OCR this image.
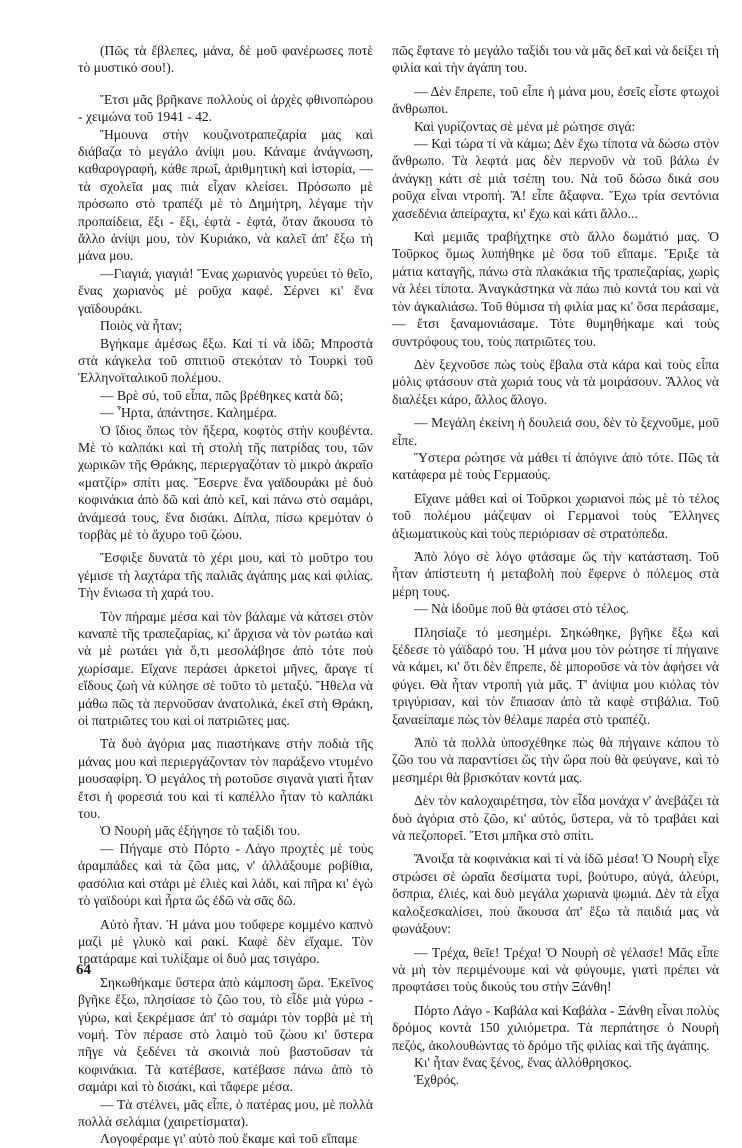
(Πῶς τὰ ἔβλεπες, μάνα, δὲ μοῦ φανέρωσες ποτὲ τὸ μυστικό σου!).

Ἔτσι μᾶς βρῆκανε πολλοὺς οἱ ἀρχὲς φθινοπώρου - χειμώνα τοῦ 1941 - 42.

Ἥμουνα στὴν κουζινοτραπεζαρία μας καὶ διάβαζα τὸ μεγάλο ἀνίψι μου. Κάναμε ἀνάγνωση, καθαρογραφή, κάθε πρωΐ, ἀριθμητικὴ καὶ ἱστορία, — τὰ σχολεῖα μας πιὰ εἶχαν κλείσει. Πρόσωπο μὲ πρόσωπο στὸ τραπέζι μὲ τὸ Δημήτρη, λέγαμε τὴν προπαίδεια, ἔξι - ἔξι, ἑφτὰ - ἑφτά, ὅταν ἄκουσα τὸ ἄλλο ἀνίψι μου, τὸν Κυριάκο, νὰ καλεῖ ἀπ' ἔξω τὴ μάνα μου.

—Γιαγιά, γιαγιά! Ἕνας χωριανὸς γυρεύει τὸ θεῖο, ἕνας χωριανὸς μὲ ροῦχα καφέ. Σέρνει κι' ἕνα γαϊδουράκι.

Ποιὸς νὰ ἦταν;

Βγήκαμε ἀμέσως ἔξω. Καί τί νὰ ἰδῶ; Μπροστὰ στὰ κάγκελα τοῦ σπιτιοῦ στεκόταν τὸ Τουρκὶ τοῦ Ἑλληνοϊταλικοῦ πολέμου.

— Βρὲ σύ, τοῦ εἶπα, πῶς βρέθηκες κατὰ δῶ;

— Ἦρτα, ἀπάντησε. Καλημέρα.

Ὁ ἴδιος ὅπως τὸν ἤξερα, κοφτὸς στὴν κουβέντα. Μὲ τὸ καλπάκι καὶ τὴ στολὴ τῆς πατρίδας του, τῶν χωρικῶν τῆς Θράκης, περιεργαζόταν τὸ μικρὸ ἀκραῖο «ματζίρ» σπίτι μας. Ἔσερνε ἕνα γαϊδουράκι μὲ δυὸ κοφινάκια ἀπὸ δῶ καὶ ἀπὸ κεῖ, καὶ πάνω στὸ σαμάρι, ἀνάμεσά τους, ἕνα δισάκι. Δίπλα, πίσω κρεμόταν ὁ τορβὰς μὲ τὸ ἄχυρο τοῦ ζώου.

Ἔσφιξε δυνατὰ τὸ χέρι μου, καὶ τὸ μοῦτρο του γέμισε τὴ λαχτάρα τῆς παλιᾶς ἀγάπης μας καὶ φιλίας. Τὴν ἔνιωσα τὴ χαρά του.

Τὸν πήραμε μέσα καὶ τὸν βάλαμε νὰ κάτσει στὸν καναπὲ τῆς τραπεζαρίας, κι' ἄρχισα νὰ τὸν ρωτάω καὶ νὰ μὲ ρωτάει γιὰ ὅ,τι μεσολάβησε ἀπὸ τότε ποὺ χωρίσαμε. Εἴχανε περάσει ἀρκετοὶ μῆνες, ἄραγε τί εἴδους ζωὴ νὰ κύλησε σὲ τοῦτο τὸ μεταξύ. Ἤθελα νὰ μάθω πῶς τὰ περνοῦσαν ἀνατολικά, ἐκεῖ στὴ Θράκη, οἱ πατριῶτες του καὶ οἱ πατριῶτες μας.

Τὰ δυὸ ἀγόρια μας πιαστήκανε στὴν ποδιὰ τῆς μάνας μου καὶ περιεργάζονταν τὸν παράξενο ντυμένο μουσαφίρη. Ὁ μεγάλος τὴ ρωτοῦσε σιγανὰ γιατὶ ἦταν ἔτσι ἡ φορεσιά του καὶ τί καπέλλο ἦταν τὸ καλπάκι του.

Ὁ Νουρὴ μᾶς ἐξήγησε τὸ ταξίδι του.

— Πήγαμε στὸ Πόρτο - Λάγο προχτὲς μὲ τοὺς ἀραμπάδες καὶ τὰ ζῶα μας, ν' ἀλλάξουμε ροβίθια, φασόλια καὶ στάρι μὲ ἐλιὲς καὶ λάδι, καὶ πῆρα κι' ἐγὼ τὸ γαϊδούρι καὶ ἦρτα ὥς ἐδῶ νὰ σᾶς δῶ.

Αὐτὸ ἦταν. Ἡ μάνα μου τοὔφερε κομμένο καπνὸ μαζὶ μὲ γλυκὸ καὶ ρακί. Καφὲ δὲν εἴχαμε. Τὸν τρατάραμε καὶ τυλίξαμε οἱ δυό μας τσιγάρο.

Σηκωθήκαμε ὕστερα ἀπὸ κάμποση ὥρα. Ἐκεῖνος βγῆκε ἔξω, πλησίασε τὸ ζῶο του, τὸ εἶδε μιὰ γύρω - γύρω, καὶ ξεκρέμασε ἀπ' τὸ σαμάρι τὸν τορβὰ μὲ τὴ νομή. Τὸν πέρασε στὸ λαιμὸ τοῦ ζώου κι' ὕστερα πῆγε νὰ ξεδένει τὰ σκοινιὰ ποὺ βαστοῦσαν τὰ κοφινάκια. Τὰ κατέβασε, κατέβασε πάνω ἀπὸ τὸ σαμάρι καὶ τὸ δισάκι, καὶ τἄφερε μέσα.

— Τὰ στέλνει, μᾶς εἶπε, ὁ πατέρας μου, μὲ πολλὰ πολλὰ σελάμια (χαιρετίσματα).

Λογοφέραμε γι' αὐτὸ ποὺ ἔκαμε καὶ τοῦ εἴπαμε

πῶς ἔφτανε τὸ μεγάλο ταξίδι του νὰ μᾶς δεῖ καὶ νὰ δείξει τὴ φιλία καὶ τὴν ἀγάπη του.

— Δὲν ἔπρεπε, τοῦ εἶπε ἡ μάνα μου, ἐσεῖς εἶστε φτωχοὶ ἄνθρωποι.

Καὶ γυρίζοντας σὲ μένα μὲ ρώτησε σιγά:

— Καὶ τώρα τί νὰ κάμω; Δὲν ἔχω τίποτα νὰ δώσω στὸν ἄνθρωπο. Τὰ λεφτά μας δὲν περνοῦν νὰ τοῦ βάλω ἐν ἀνάγκῃ κάτι σὲ μιὰ τσέπη του. Νὰ τοῦ δώσω δικά σου ροῦχα εἶναι ντροπή. Ἄ! εἶπε ἄξαφνα. Ἔχω τρία σεντόνια χασεδένια ἀπείραχτα, κι' ἔχω καὶ κάτι ἄλλο...

Καὶ μεμιᾶς τραβήχτηκε στὸ ἄλλο δωμάτιό μας. Ὁ Τοῦρκος ὅμως λυπήθηκε μὲ ὅσα τοῦ εἴπαμε. Ἔριξε τὰ μάτια καταγῆς, πάνω στὰ πλακάκια τῆς τραπεζαρίας, χωρὶς νὰ λέει τίποτα. Ἀναγκάστηκα νὰ πάω πιὸ κοντά του καὶ νὰ τὸν ἀγκαλιάσω. Τοῦ θύμισα τὴ φιλία μας κι' ὅσα περάσαμε, — ἔτσι ξαναμονιάσαμε. Τότε θυμηθήκαμε καὶ τοὺς συντρόφους του, τοὺς πατριῶτες του.

Δὲν ξεχνοῦσε πὼς τοὺς ἔβαλα στὰ κάρα καὶ τοὺς εἶπα μόλις φτάσουν στὰ χωριά τους νὰ τὰ μοιράσουν. Ἄλλος νὰ διαλέξει κάρο, ἄλλος ἄλογο.

— Μεγάλη ἐκείνη ἡ δουλειά σου, δὲν τὸ ξεχνοῦμε, μοῦ εἶπε.

Ὕστερα ρώτησε νὰ μάθει τί ἀπόγινε ἀπὸ τότε. Πῶς τὰ κατάφερα μὲ τοὺς Γερμαούς.

Εἴχανε μάθει καὶ οἱ Τοῦρκοι χωριανοὶ πὼς μὲ τὸ τέλος τοῦ πολέμου μάζεψαν οἱ Γερμανοὶ τοὺς Ἕλληνες ἀξιωματικοὺς καὶ τοὺς περιόρισαν σὲ στρατόπεδα.

Ἀπὸ λόγο σὲ λόγο φτάσαμε ὥς τὴν κατάσταση. Τοῦ ἦταν ἀπίστευτη ἡ μεταβολὴ ποὺ ἔφερνε ὁ πόλεμος στὰ μέρη τους.

— Νὰ ἰδοῦμε ποῦ θὰ φτάσει στὸ τέλος.

Πλησίαζε τὸ μεσημέρι. Σηκώθηκε, βγῆκε ἔξω καὶ ξέδεσε τὸ γάϊδαρό του. Ἡ μάνα μου τὸν ρώτησε τί πήγαινε νὰ κάμει, κι' ὅτι δὲν ἔπρεπε, δὲ μποροῦσε νὰ τὸν ἀφήσει νὰ φύγει. Θὰ ἦταν ντροπὴ γιὰ μᾶς. Τ' ἀνίψια μου κιόλας τὸν τριγύρισαν, καὶ τὸν ἔπιασαν ἀπὸ τὰ καφὲ στιβάλια. Τοῦ ξαναείπαμε πὼς τὸν θέλαμε παρέα στὸ τραπέζι.

Ἀπὸ τὰ πολλὰ ὑποσχέθηκε πὼς θὰ πήγαινε κάπου τὸ ζῶο του νὰ παραντίσει ὥς τὴν ὥρα ποὺ θὰ φεύγανε, καὶ τὸ μεσημέρι θὰ βρισκόταν κοντά μας.

Δὲν τὸν καλοχαιρέτησα, τὸν εἶδα μονάχα ν' ἀνεβάζει τὰ δυὸ ἀγόρια στὸ ζῶο, κι' αὐτός, ὕστερα, νὰ τὸ τραβάει καὶ νὰ πεζοπορεῖ. Ἔτσι μπῆκα στὸ σπίτι.

Ἄνοιξα τὰ κοφινάκια καὶ τί νὰ ἰδῶ μέσα! Ὁ Νουρὴ εἶχε στρώσει σὲ ὡραῖα δεσίματα τυρί, βούτυρο, αὐγά, ἀλεύρι, ὄσπρια, ἐλιές, καὶ δυὸ μεγάλα χωριανὰ ψωμιά. Δὲν τὰ εἶχα καλοξεσκαλίσει, ποὺ ἄκουσα ἀπ' ἔξω τὰ παιδιά μας νὰ φωνάξουν:

— Τρέχα, θεῖε! Τρέχα! Ὁ Νουρὴ σὲ γέλασε! Μᾶς εἶπε νὰ μὴ τὸν περιμένουμε καὶ νὰ φύγουμε, γιατὶ πρέπει νὰ προφτάσει τοὺς δικούς του στὴν Ξάνθη!

Πόρτο Λάγο - Καβάλα καὶ Καβάλα - Ξάνθη εἶναι πολὺς δρόμος κοντὰ 150 χιλιόμετρα. Τὰ περπάτησε ὁ Νουρὴ πεζός, ἀκολουθώντας τὸ δρόμο τῆς φιλίας καὶ τῆς ἀγάπης.

Κι' ἦταν ἕνας ξένος, ἕνας ἀλλόθρησκος.

Ἐχθρός.

64
